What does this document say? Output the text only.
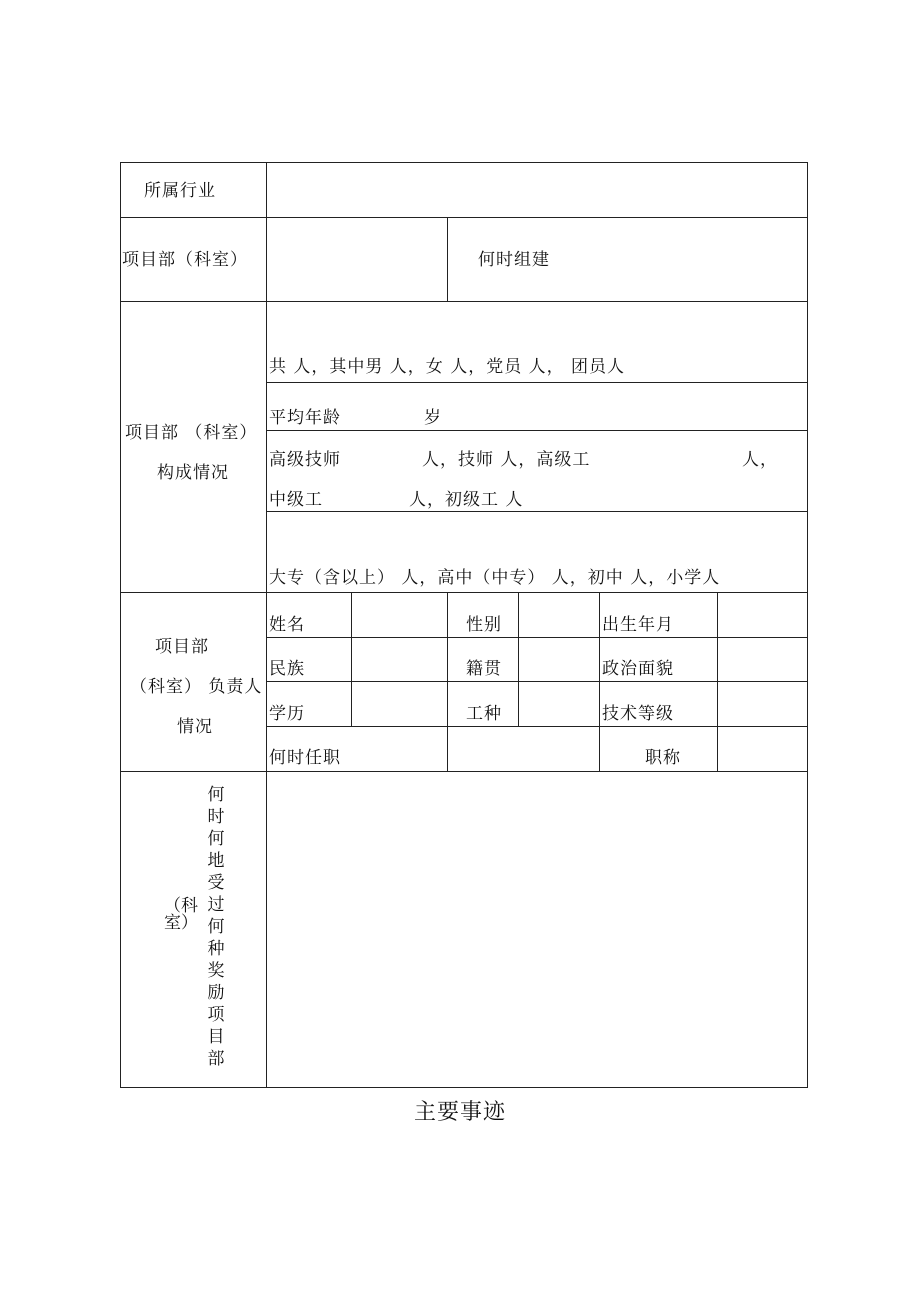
所属行业
项目部（科室）	何时组建
项目部 （科室）
构成情况
共 人，其中男 人，女 人，党员 人， 团员人
平均年龄	岁
高级技师	人，技师 人，高级工	人，
中级工	人，初级工 人
大专（含以上） 人，高中（中专） 人，初中 人，小学人
项目部
（科室） 负责人
情况
姓名	性别	出生年月
民族	籍贯	政治面貌
学历	工种	技术等级
何时任职	职称
何时何地受过何种奖励 项目部
（科室）
主要事迹
